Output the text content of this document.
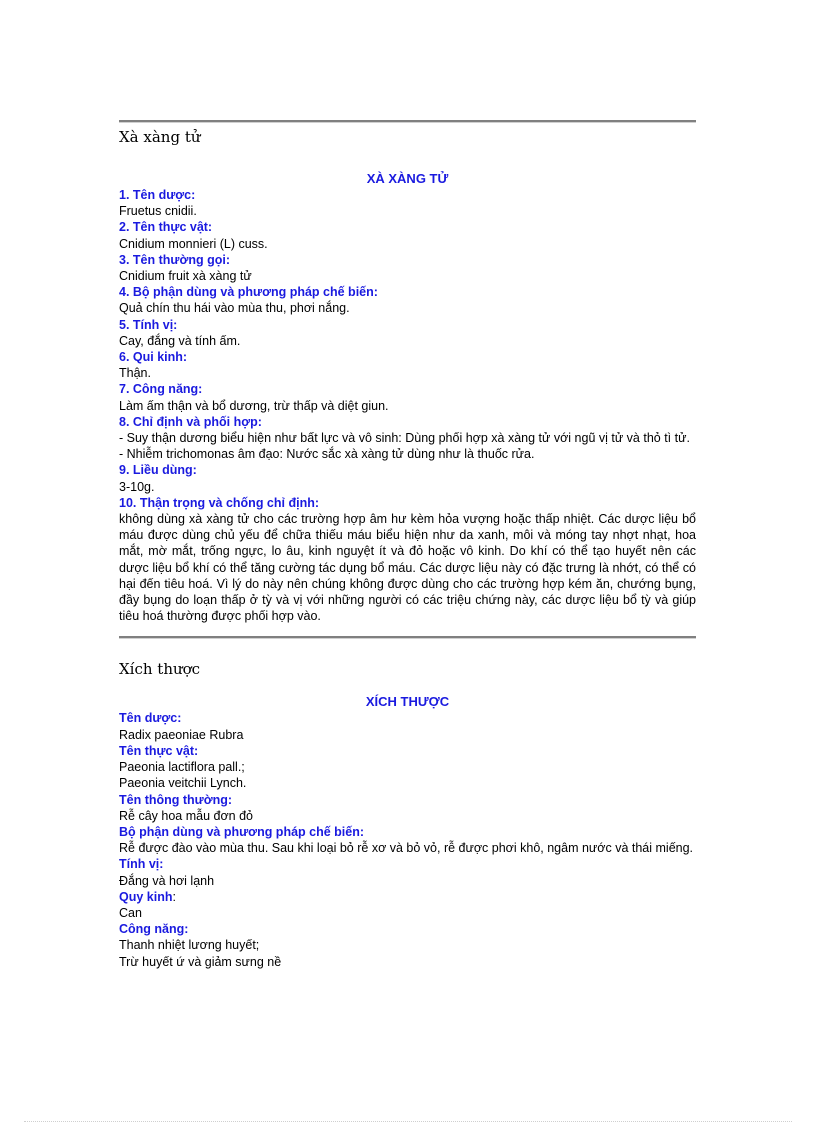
Xà xàng tử
XÀ XÀNG TỬ
1. Tên dược:
Fruetus cnidii.
2. Tên thực vật:
Cnidium monnieri (L) cuss.
3. Tên thường gọi:
Cnidium fruit xà xàng tử
4. Bộ phận dùng và phương pháp chế biến:
Quả chín thu hái vào mùa thu, phơi nắng.
5. Tính vị:
Cay, đắng và tính ấm.
6. Qui kinh:
Thận.
7. Công năng:
Làm ấm thận và bổ dương, trừ thấp và diệt giun.
8. Chỉ định và phối hợp:
- Suy thận dương biểu hiện như bất lực và vô sinh: Dùng phối hợp xà xàng tử với ngũ vị tử và thỏ tì tử.
- Nhiễm trichomonas âm đạo: Nước sắc xà xàng tử dùng như là thuốc rửa.
9. Liều dùng:
3-10g.
10. Thận trọng và chống chỉ định:
không dùng xà xàng tử cho các trường hợp âm hư kèm hỏa vượng hoặc thấp nhiệt. Các dược liệu bổ máu được dùng chủ yếu để chữa thiếu máu biểu hiện như da xanh, môi và móng tay nhợt nhạt, hoa mắt, mờ mắt, trống ngực, lo âu, kinh nguyệt ít và đỏ hoặc vô kinh. Do khí có thể tạo huyết nên các dược liệu bổ khí có thể tăng cường tác dụng bổ máu. Các dược liệu này có đặc trưng là nhớt, có thể có hại đến tiêu hoá. Vì lý do này nên chúng không được dùng cho các trường hợp kém ăn, chướng bụng, đầy bụng do loạn thấp ở tỳ và vị với những người có các triệu chứng này, các dược liệu bổ tỳ và giúp tiêu hoá thường được phối hợp vào.
Xích thược
XÍCH THƯỢC
Tên dược:
Radix paeoniae Rubra
Tên thực vật:
Paeonia lactiflora pall.;
Paeonia veitchii Lynch.
Tên thông thường:
Rễ cây hoa mẫu đơn đỏ
Bộ phận dùng và phương pháp chế biến:
Rễ được đào vào mùa thu. Sau khi loại bỏ rễ xơ và bỏ vỏ, rễ được phơi khô, ngâm nước và thái miếng.
Tính vị:
Đắng và hơi lạnh
Quy kinh:
Can
Công năng:
Thanh nhiệt lương huyết;
Trừ huyết ứ và giảm sưng nề
